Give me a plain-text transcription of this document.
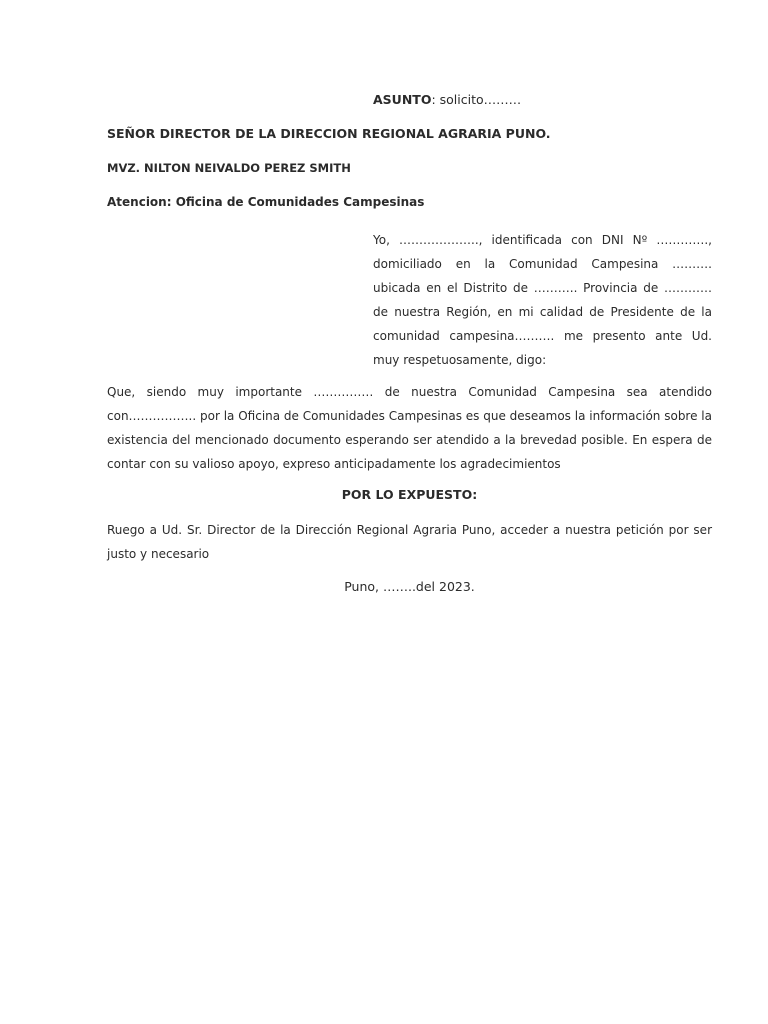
ASUNTO: solicito………
SEÑOR DIRECTOR DE LA DIRECCION REGIONAL AGRARIA PUNO.
MVZ. NILTON NEIVALDO PEREZ SMITH
Atencion: Oficina de Comunidades Campesinas
Yo, ……………….., identificada con DNI Nº …………., domiciliado en la Comunidad Campesina ………. ubicada en el Distrito de ……….. Provincia de ………… de nuestra Región, en mi calidad de Presidente de la comunidad campesina………. me presento ante Ud. muy respetuosamente, digo:
Que, siendo muy importante …………… de nuestra Comunidad Campesina sea atendido con…………….. por la Oficina de Comunidades Campesinas es que deseamos la información sobre la existencia del mencionado documento esperando ser atendido a la brevedad posible. En espera de contar con su valioso apoyo, expreso anticipadamente los agradecimientos
POR LO EXPUESTO:
Ruego a Ud. Sr. Director de la Dirección Regional Agraria Puno, acceder a nuestra petición por ser justo y necesario
Puno, ……..del 2023.
